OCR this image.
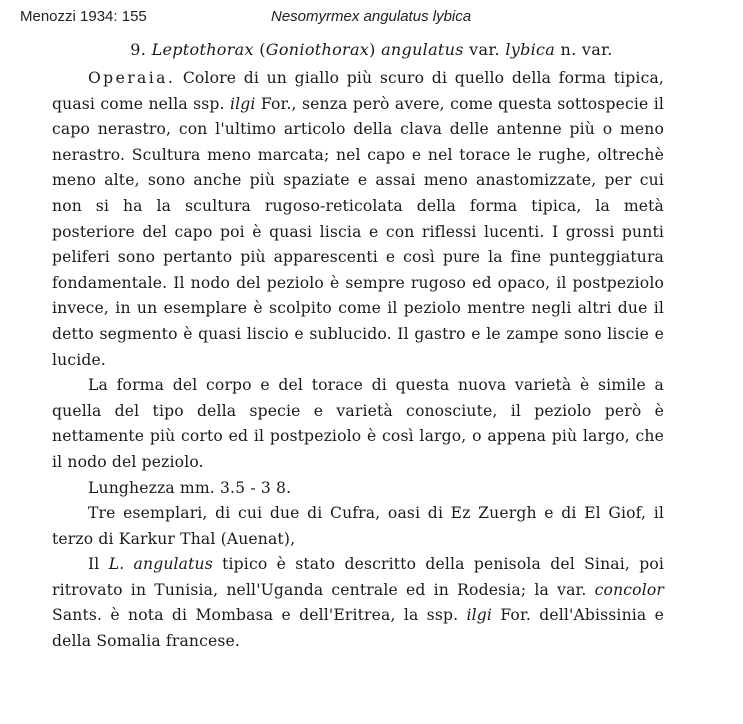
Menozzi 1934: 155	Nesomyrmex angulatus lybica
9. Leptothorax (Goniothorax) angulatus var. lybica n. var.

Operaia. Colore di un giallo più scuro di quello della forma tipica, quasi come nella ssp. ilgi For., senza però avere, come questa sottospecie il capo nerastro, con l'ultimo articolo della clava delle antenne più o meno nerastro. Scultura meno marcata; nel capo e nel torace le rughe, oltrechè meno alte, sono anche più spaziate e assai meno anastomizzate, per cui non si ha la scultura rugoso-reticolata della forma tipica, la metà posteriore del capo poi è quasi liscia e con riflessi lucenti. I grossi punti peliferi sono pertanto più apparescenti e così pure la fine punteggiatura fondamentale. Il nodo del peziolo è sempre rugoso ed opaco, il postpeziolo invece, in un esemplare è scolpito come il peziolo mentre negli altri due il detto segmento è quasi liscio e sublucido. Il gastro e le zampe sono liscie e lucide.

La forma del corpo e del torace di questa nuova varietà è simile a quella del tipo della specie e varietà conosciute, il peziolo però è nettamente più corto ed il postpeziolo è così largo, o appena più largo, che il nodo del peziolo.

Lunghezza mm. 3.5 - 3 8.

Tre esemplari, di cui due di Cufra, oasi di Ez Zuergh e di El Giof, il terzo di Karkur Thal (Auenat),

Il L. angulatus tipico è stato descritto della penisola del Sinai, poi ritrovato in Tunisia, nell'Uganda centrale ed in Rodesia; la var. concolor Sants. è nota di Mombasa e dell'Eritrea, la ssp. ilgi For. dell'Abissinia e della Somalia francese.
